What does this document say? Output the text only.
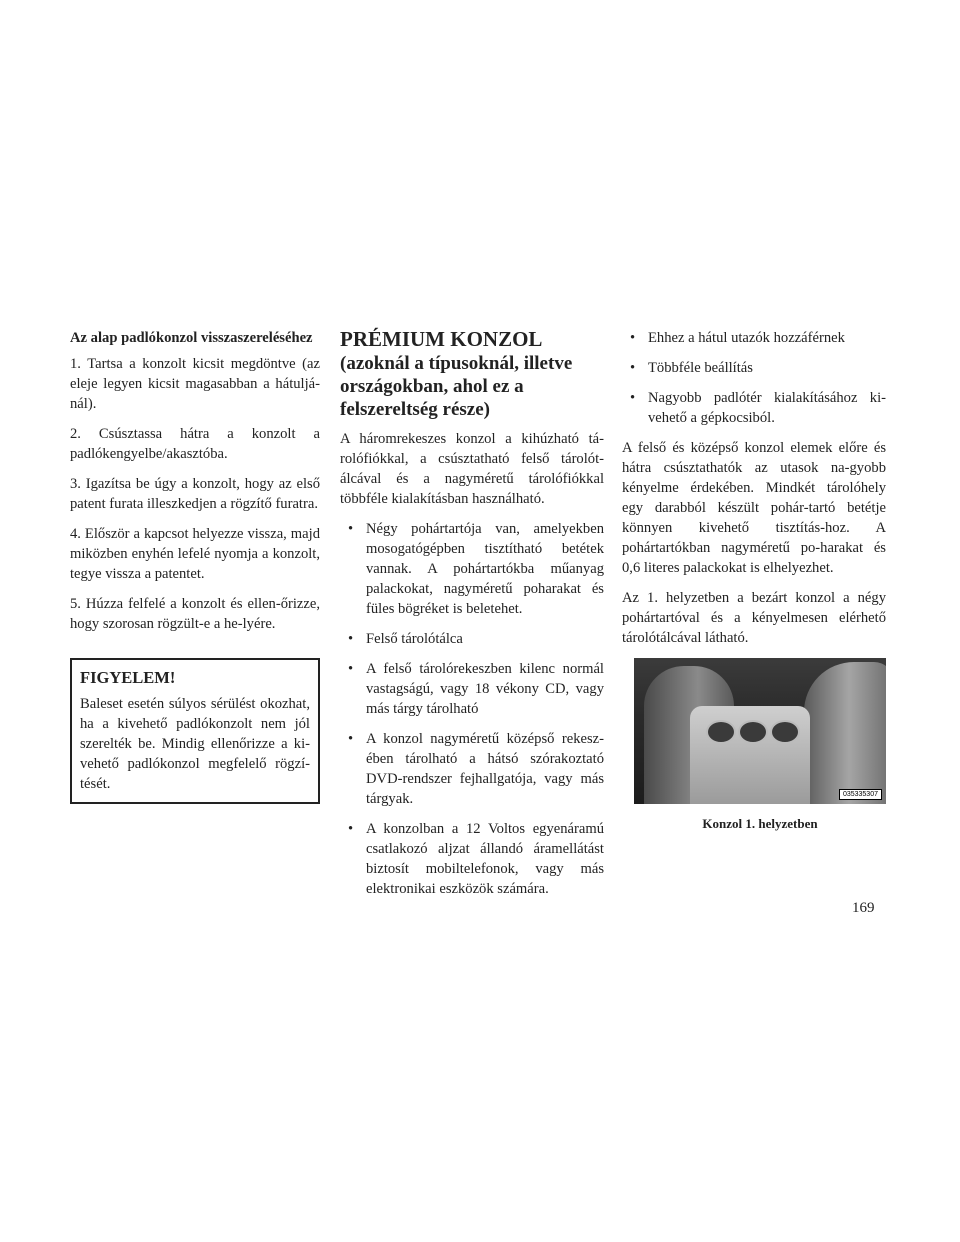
Az alap padlókonzol visszaszereléséhez

1. Tartsa a konzolt kicsit megdöntve (az eleje legyen kicsit magasabban a hátuljá-nál).

2. Csúsztassa hátra a konzolt a padlókengyelbe/akasztóba.

3. Igazítsa be úgy a konzolt, hogy az első patent furata illeszkedjen a rögzítő furatra.

4. Először a kapcsot helyezze vissza, majd miközben enyhén lefelé nyomja a konzolt, tegye vissza a patentet.

5. Húzza felfelé a konzolt és ellen-őrizze, hogy szorosan rögzült-e a he-lyére.

FIGYELEM!

Baleset esetén súlyos sérülést okozhat, ha a kivehető padlókonzolt nem jól szerelték be. Mindig ellenőrizze a ki-vehető padlókonzol megfelelő rögzí-tését.

PRÉMIUM KONZOL
(azoknál a típusoknál, illetve országokban, ahol ez a felszereltség része)

A háromrekeszes konzol a kihúzható tá-rolófiókkal, a csúsztatható felső tárolót-álcával és a nagyméretű tárolófiókkal többféle kialakításban használható.

• Négy pohártartója van, amelyekben mosogatógépben tisztítható betétek vannak. A pohártartókba műanyag palackokat, nagyméretű poharakat és füles bögréket is beletehet.
• Felső tárolótálca
• A felső tárolórekeszben kilenc normál vastagságú, vagy 18 vékony CD, vagy más tárgy tárolható
• A konzol nagyméretű középső rekesz-ében tárolható a hátsó szórakoztató DVD-rendszer fejhallgatója, vagy más tárgyak.
• A konzolban a 12 Voltos egyenáramú csatlakozó aljzat állandó áramellátást biztosít mobiltelefonok, vagy más elektronikai eszközök számára.
• Ehhez a hátul utazók hozzáférnek
• Többféle beállítás
• Nagyobb padlótér kialakításához ki-vehető a gépkocsiból.

A felső és középső konzol elemek előre és hátra csúsztathatók az utasok na-gyobb kényelme érdekében. Mindkét tárolóhely egy darabból készült pohár-tartó betétje könnyen kivehető tisztítás-hoz. A pohártartókban nagyméretű po-harakat és 0,6 literes palackokat is elhelyezhet.

Az 1. helyzetben a bezárt konzol a négy pohártartóval és a kényelmesen elérhető tárolótálcával látható.

035335307
Konzol 1. helyzetben
169
